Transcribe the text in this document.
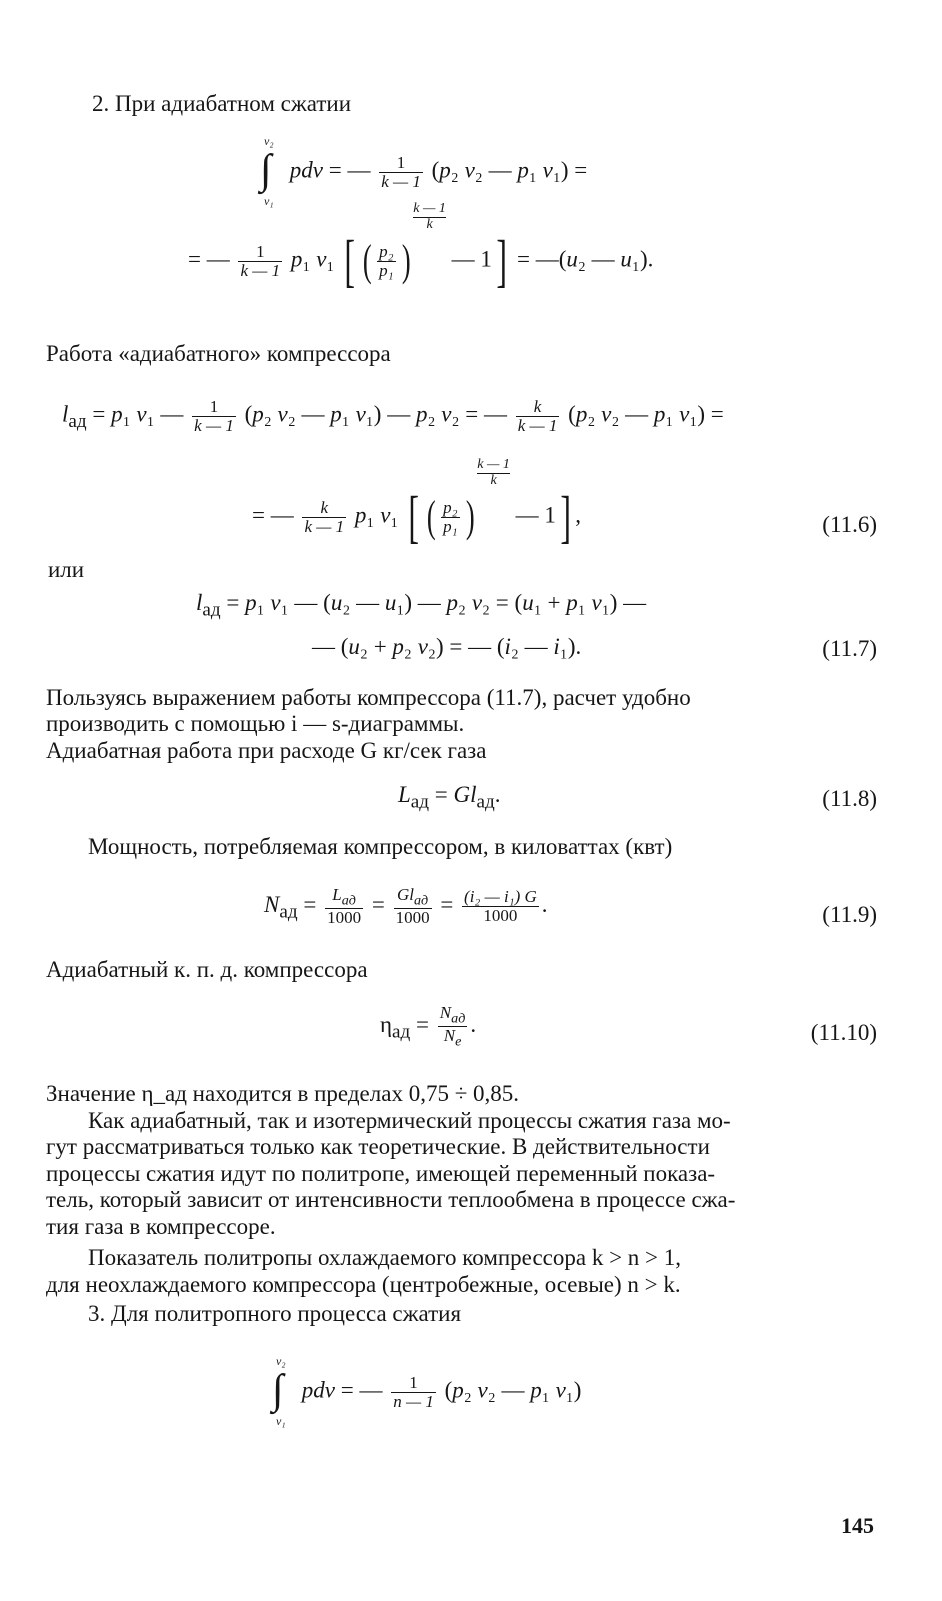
2. При адиабатном сжатии
v₂
∫
v₁
pdv = — $\frac{1}{k — 1} (p_2$ v₂ — p₁ v₁) =
= — $\frac{1}{k — 1} p_1$ v₁ [ ( $\frac{\text{p₂}}{\text{p₁}}$ )
$\frac{k — 1}{k}$
— 1] = —(u₂ — u₁).
Работа «адиабатного» компрессора
$l_{ад} = p_1$ v₁ — $\frac{1}{k — 1} (p_2$ v₂ — p₁ v₁) — p₂ v₂ = — $\frac{k}{k — 1} (p_2$ v₂ — p₁ v₁) =
= — $\frac{k}{k — 1} p_1$ v₁ [ ( $\frac{\text{p₂}}{\text{p₁}}$ )
$\frac{k — 1}{k}$
— 1] ,	(11.6)
или
$l_{ад} = p_1$ v₁ — (u₂ — u₁) — p₂ v₂ = (u₁ + p₁ v₁) —
— (u₂ + p₂ v₂) = — (i₂ — i₁).	(11.7)
Пользуясь выражением работы компрессора (11.7), расчет удобно
производить с помощью i — s-диаграммы.
Адиабатная работа при расходе G кг/сек газа
$L_{ад} = Gl_{ад}$.	(11.8)
Мощность, потребляемая компрессором, в киловаттах (квт)
$N_{ад} = \frac{L_{ад}}{1000} = \frac{Gl_{ад}}{1000} = \frac{\text{(i₂ — i₁) G}}{1000}$ .	(11.9)
Адиабатный к. п. д. компрессора
$\eta_{ад} = \frac{N_{ад}}{N_e}$ .	(11.10)
Значение η_ад находится в пределах 0,75 ÷ 0,85.
Как адиабатный, так и изотермический процессы сжатия газа мо-
гут рассматриваться только как теоретические. В действительности
процессы сжатия идут по политропе, имеющей переменный показа-
тель, который зависит от интенсивности теплообмена в процессе сжа-
тия газа в компрессоре.
Показатель политропы охлаждаемого компрессора k > n > 1,
для неохлаждаемого компрессора (центробежные, осевые) n > k.
3. Для политропного процесса сжатия
v₂
∫
v₁
pdv = — $\frac{1}{n — 1} (p_2$ v₂ — p₁ v₁)
145
